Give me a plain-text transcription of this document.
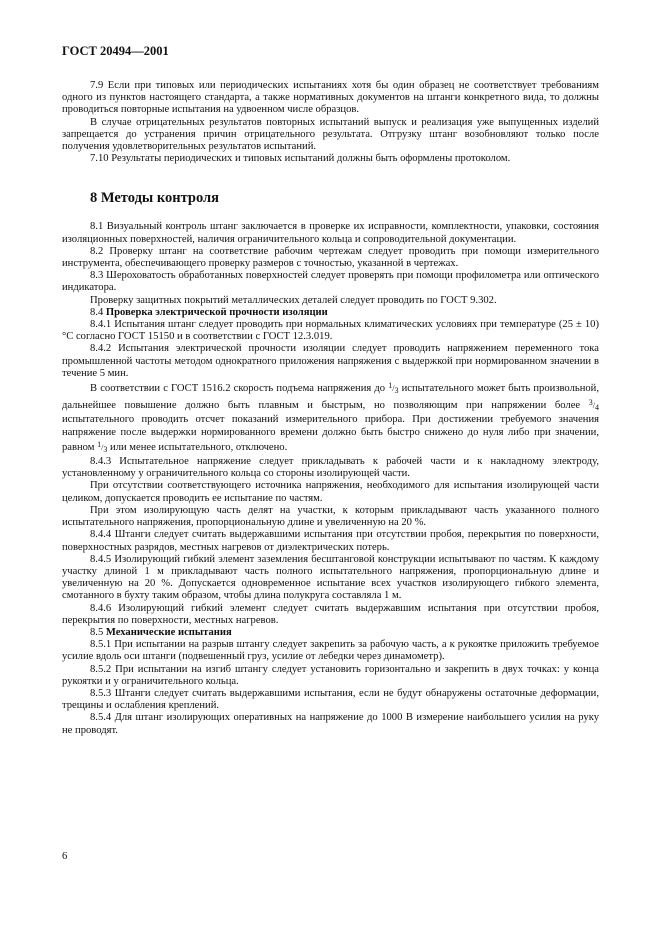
ГОСТ 20494—2001

7.9 Если при типовых или периодических испытаниях хотя бы один образец не соответствует требованиям одного из пунктов настоящего стандарта, а также нормативных документов на штанги конкретного вида, то должны проводиться повторные испытания на удвоенном числе образцов.

В случае отрицательных результатов повторных испытаний выпуск и реализация уже выпущенных изделий запрещается до устранения причин отрицательного результата. Отгрузку штанг возобновляют только после получения удовлетворительных результатов испытаний.

7.10 Результаты периодических и типовых испытаний должны быть оформлены протоколом.

8 Методы контроля

8.1 Визуальный контроль штанг заключается в проверке их исправности, комплектности, упаковки, состояния изоляционных поверхностей, наличия ограничительного кольца и сопроводительной документации.

8.2 Проверку штанг на соответствие рабочим чертежам следует проводить при помощи измерительного инструмента, обеспечивающего проверку размеров с точностью, указанной в чертежах.

8.3 Шероховатость обработанных поверхностей следует проверять при помощи профилометра или оптического индикатора.

Проверку защитных покрытий металлических деталей следует проводить по ГОСТ 9.302.

8.4 Проверка электрической прочности изоляции

8.4.1 Испытания штанг следует проводить при нормальных климатических условиях при температуре (25 ± 10) °С согласно ГОСТ 15150 и в соответствии с ГОСТ 12.3.019.

8.4.2 Испытания электрической прочности изоляции следует проводить напряжением переменного тока промышленной частоты методом однократного приложения напряжения с выдержкой при нормированном значении в течение 5 мин.

В соответствии с ГОСТ 1516.2 скорость подъема напряжения до $^1/_3$ испытательного может быть произвольной, дальнейшее повышение должно быть плавным и быстрым, но позволяющим при напряжении более $^3/_4$ испытательного проводить отсчет показаний измерительного прибора. При достижении требуемого значения напряжение после выдержки нормированного времени должно быть быстро снижено до нуля либо при значении, равном $^1/_3$ или менее испытательного, отключено.

8.4.3 Испытательное напряжение следует прикладывать к рабочей части и к накладному электроду, установленному у ограничительного кольца со стороны изолирующей части.

При отсутствии соответствующего источника напряжения, необходимого для испытания изолирующей части целиком, допускается проводить ее испытание по частям.

При этом изолирующую часть делят на участки, к которым прикладывают часть указанного полного испытательного напряжения, пропорциональную длине и увеличенную на 20 %.

8.4.4 Штанги следует считать выдержавшими испытания при отсутствии пробоя, перекрытия по поверхности, поверхностных разрядов, местных нагревов от диэлектрических потерь.

8.4.5 Изолирующий гибкий элемент заземления бесштанговой конструкции испытывают по частям. К каждому участку длиной 1 м прикладывают часть полного испытательного напряжения, пропорциональную длине и увеличенную на 20 %. Допускается одновременное испытание всех участков изолирующего гибкого элемента, смотанного в бухту таким образом, чтобы длина полукруга составляла 1 м.

8.4.6 Изолирующий гибкий элемент следует считать выдержавшим испытания при отсутствии пробоя, перекрытия по поверхности, местных нагревов.

8.5 Механические испытания

8.5.1 При испытании на разрыв штангу следует закрепить за рабочую часть, а к рукоятке приложить требуемое усилие вдоль оси штанги (подвешенный груз, усилие от лебедки через динамометр).

8.5.2 При испытании на изгиб штангу следует установить горизонтально и закрепить в двух точках: у конца рукоятки и у ограничительного кольца.

8.5.3 Штанги следует считать выдержавшими испытания, если не будут обнаружены остаточные деформации, трещины и ослабления креплений.

8.5.4 Для штанг изолирующих оперативных на напряжение до 1000 В измерение наибольшего усилия на руку не проводят.

6
